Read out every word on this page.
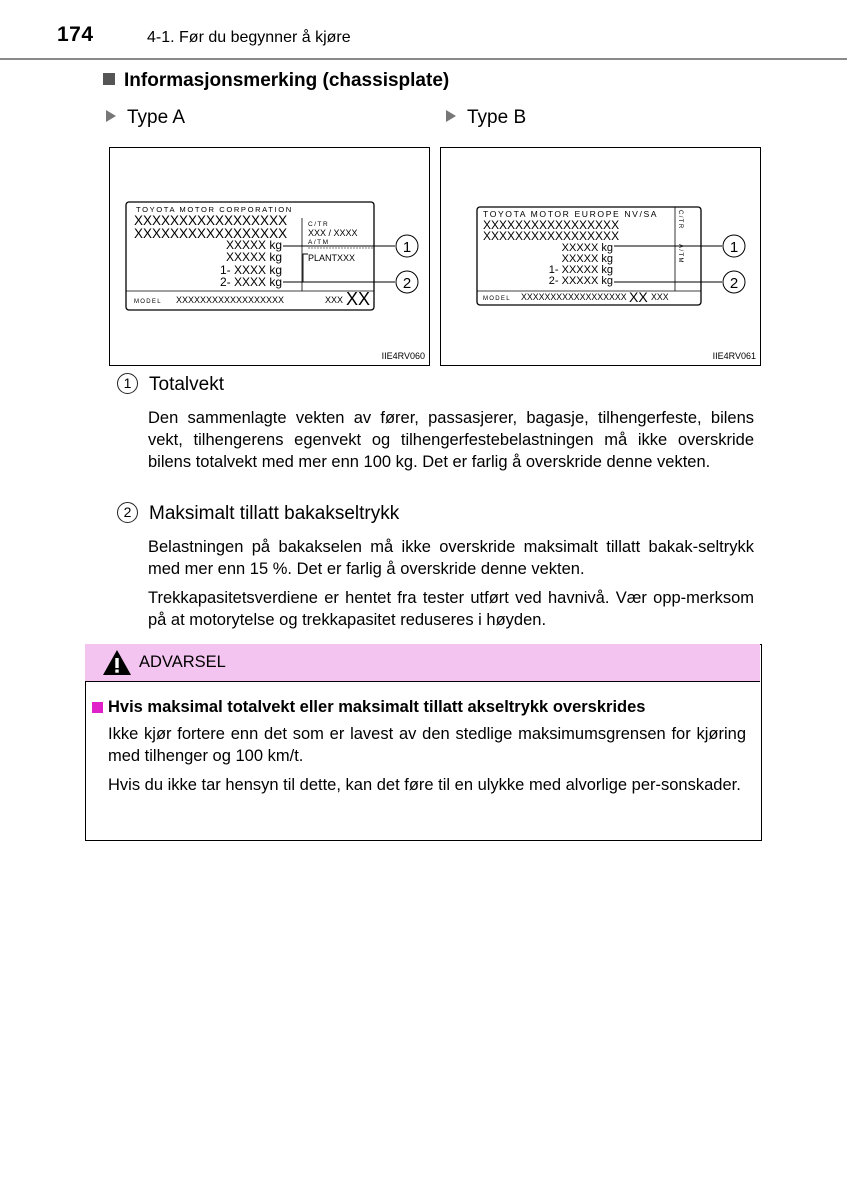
174	4-1. Før du begynner å kjøre
Informasjonsmerking (chassisplate)
Type A	Type B
TOYOTA MOTOR CORPORATION
XXXXXXXXXXXXXXXXX
XXXXXXXXXXXXXXXXX
XXXXX kg
XXXXX kg
1- XXXX kg
2- XXXX kg
C/TR
XXX / XXXX
A/TM
PLANTXXX
MODEL XXXXXXXXXXXXXXXXXX	XXX XX
1
2
IIE4RV060
TOYOTA MOTOR EUROPE NV/SA
XXXXXXXXXXXXXXXXX
XXXXXXXXXXXXXXXXX
XXXXX kg
XXXXX kg
1- XXXXX kg
2- XXXXX kg
C/TR
A/TM
MODEL XXXXXXXXXXXXXXXXXX XX XXX
1
2
IIE4RV061
1 Totalvekt
Den sammenlagte vekten av fører, passasjerer, bagasje, tilhengerfeste, bilens vekt, tilhengerens egenvekt og tilhengerfestebelastningen må ikke overskride bilens totalvekt med mer enn 100 kg. Det er farlig å overskride denne vekten.
2 Maksimalt tillatt bakakseltrykk
Belastningen på bakakselen må ikke overskride maksimalt tillatt bakak-seltrykk med mer enn 15 %. Det er farlig å overskride denne vekten.
Trekkapasitetsverdiene er hentet fra tester utført ved havnivå. Vær opp-merksom på at motorytelse og trekkapasitet reduseres i høyden.
ADVARSEL
Hvis maksimal totalvekt eller maksimalt tillatt akseltrykk overskrides
Ikke kjør fortere enn det som er lavest av den stedlige maksimumsgrensen for kjøring med tilhenger og 100 km/t.
Hvis du ikke tar hensyn til dette, kan det føre til en ulykke med alvorlige per-sonskader.
